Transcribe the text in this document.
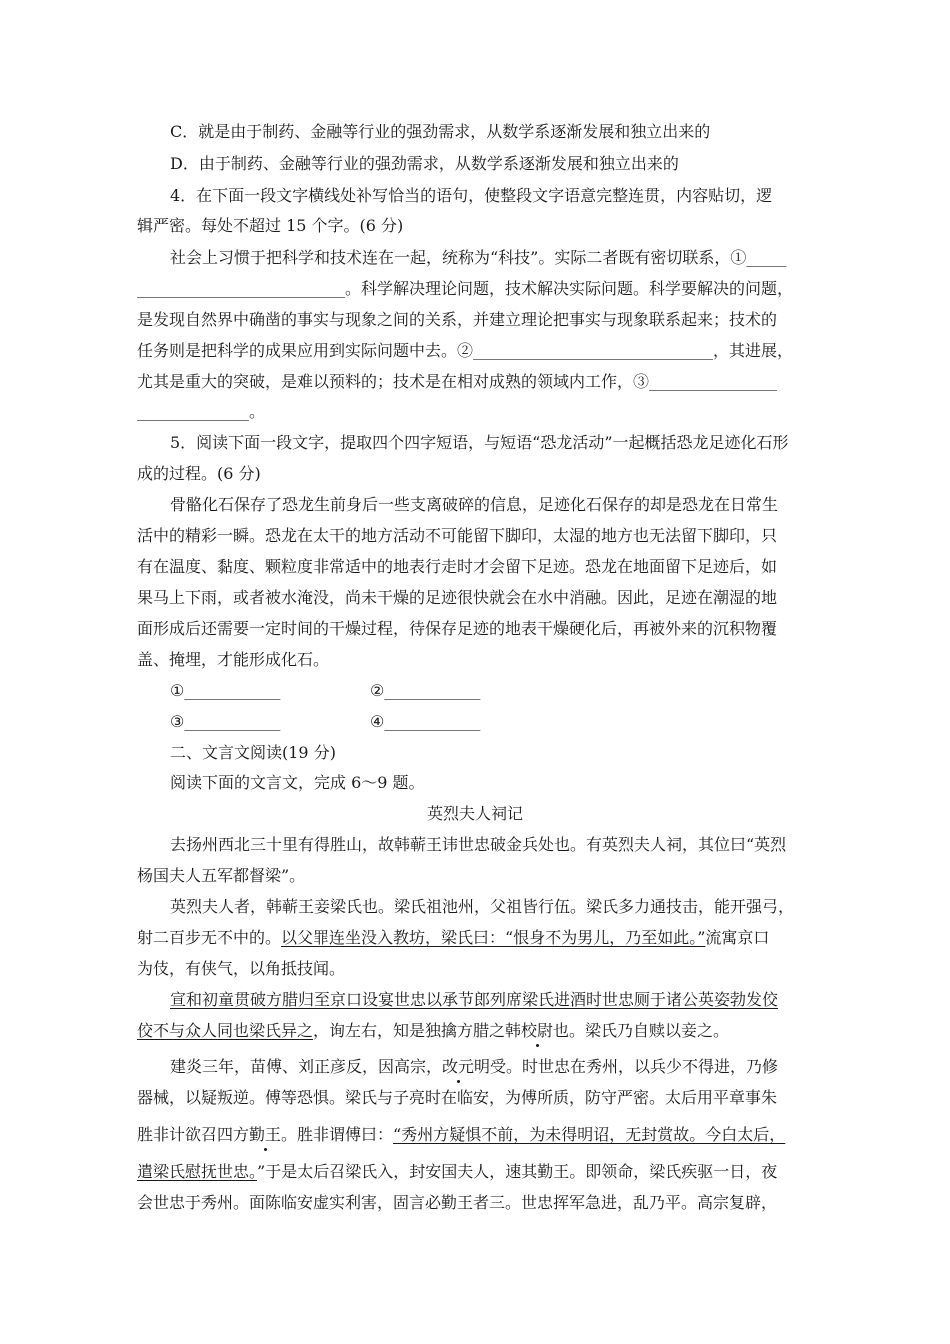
C．就是由于制药、金融等行业的强劲需求，从数学系逐渐发展和独立出来的
D．由于制药、金融等行业的强劲需求，从数学系逐渐发展和独立出来的
4．在下面一段文字横线处补写恰当的语句，使整段文字语意完整连贯，内容贴切，逻
辑严密。每处不超过 15 个字。(6 分)
社会上习惯于把科学和技术连在一起，统称为“科技”。实际二者既有密切联系，①_____
__________________________。科学解决理论问题，技术解决实际问题。科学要解决的问题，
是发现自然界中确凿的事实与现象之间的关系，并建立理论把事实与现象联系起来；技术的
任务则是把科学的成果应用到实际问题中去。②______________________________，其进展，
尤其是重大的突破，是难以预料的；技术是在相对成熟的领域内工作，③________________
______________。
5．阅读下面一段文字，提取四个四字短语，与短语“恐龙活动”一起概括恐龙足迹化石形
成的过程。(6 分)
骨骼化石保存了恐龙生前身后一些支离破碎的信息，足迹化石保存的却是恐龙在日常生
活中的精彩一瞬。恐龙在太干的地方活动不可能留下脚印，太湿的地方也无法留下脚印，只
有在温度、黏度、颗粒度非常适中的地表行走时才会留下足迹。恐龙在地面留下足迹后，如
果马上下雨，或者被水淹没，尚未干燥的足迹很快就会在水中消融。因此，足迹在潮湿的地
面形成后还需要一定时间的干燥过程，待保存足迹的地表干燥硬化后，再被外来的沉积物覆
盖、掩埋，才能形成化石。
①____________	②____________
③____________	④____________
二、文言文阅读(19 分)
阅读下面的文言文，完成 6～9 题。
英烈夫人祠记
去扬州西北三十里有得胜山，故韩蕲王讳世忠破金兵处也。有英烈夫人祠，其位曰“英烈
杨国夫人五军都督梁”。
英烈夫人者，韩蕲王妾梁氏也。梁氏祖池州，父祖皆行伍。梁氏多力通技击，能开强弓，
射二百步无不中的。以父罪连坐没入教坊，梁氏曰：“恨身不为男儿，乃至如此。”流寓京口
为伎，有侠气，以角抵技闻。
宣和初童贯破方腊归至京口设宴世忠以承节郎列席梁氏进酒时世忠厕于诸公英姿勃发佼
佼不与众人同也梁氏异之，询左右，知是独擒方腊之韩校尉也。梁氏乃自赎以妾之。
建炎三年，苗傅、刘正彦反，因高宗，改元明受。时世忠在秀州，以兵少不得进，乃修
器械，以疑叛逆。傅等恐惧。梁氏与子亮时在临安，为傅所质，防守严密。太后用平章事朱
胜非计欲召四方勤王。胜非谓傅曰：“秀州方疑惧不前，为未得明诏，无封赏故。今白太后，
遣梁氏慰抚世忠。”于是太后召梁氏入，封安国夫人，速其勤王。即领命，梁氏疾驱一日，夜
会世忠于秀州。面陈临安虚实利害，固言必勤王者三。世忠挥军急进，乱乃平。高宗复辟，
